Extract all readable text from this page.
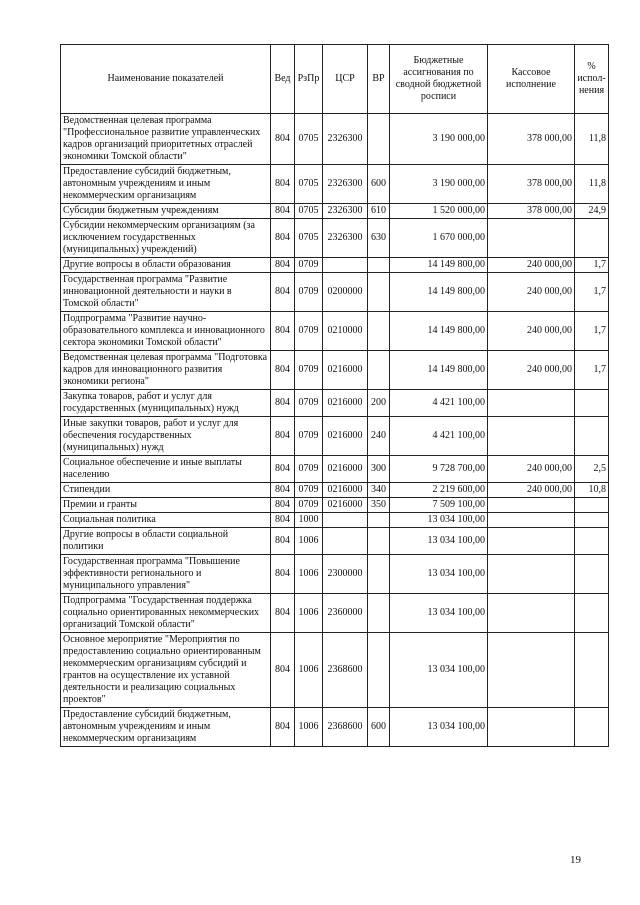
Наименование показателей	Вед	РзПр	ЦСР	ВР	Бюджетные ассигнования по сводной бюджетной росписи	Кассовое исполнение	% испол-нения
Ведомственная целевая программа "Профессиональное развитие управленческих кадров организаций приоритетных отраслей экономики Томской области"	804	0705	2326300		3 190 000,00	378 000,00	11,8
Предоставление субсидий бюджетным, автономным учреждениям и иным некоммерческим организациям	804	0705	2326300	600	3 190 000,00	378 000,00	11,8
Субсидии бюджетным учреждениям	804	0705	2326300	610	1 520 000,00	378 000,00	24,9
Субсидии некоммерческим организациям (за исключением государственных (муниципальных) учреждений)	804	0705	2326300	630	1 670 000,00		
Другие вопросы в области образования	804	0709			14 149 800,00	240 000,00	1,7
Государственная программа "Развитие инновационной деятельности и науки в Томской области"	804	0709	0200000		14 149 800,00	240 000,00	1,7
Подпрограмма "Развитие научно-образовательного комплекса и инновационного сектора экономики Томской области"	804	0709	0210000		14 149 800,00	240 000,00	1,7
Ведомственная целевая программа "Подготовка кадров для инновационного развития экономики региона"	804	0709	0216000		14 149 800,00	240 000,00	1,7
Закупка товаров, работ и услуг для государственных (муниципальных) нужд	804	0709	0216000	200	4 421 100,00		
Иные закупки товаров, работ и услуг для обеспечения государственных (муниципальных) нужд	804	0709	0216000	240	4 421 100,00		
Социальное обеспечение и иные выплаты населению	804	0709	0216000	300	9 728 700,00	240 000,00	2,5
Стипендии	804	0709	0216000	340	2 219 600,00	240 000,00	10,8
Премии и гранты	804	0709	0216000	350	7 509 100,00		
Социальная политика	804	1000			13 034 100,00		
Другие вопросы в области социальной политики	804	1006			13 034 100,00		
Государственная программа "Повышение эффективности регионального и муниципального управления"	804	1006	2300000		13 034 100,00		
Подпрограмма "Государственная поддержка социально ориентированных некоммерческих организаций Томской области"	804	1006	2360000		13 034 100,00		
Основное мероприятие "Мероприятия по предоставлению социально ориентированным некоммерческим организациям субсидий и грантов на осуществление их уставной деятельности и реализацию социальных проектов"	804	1006	2368600		13 034 100,00		
Предоставление субсидий бюджетным, автономным учреждениям и иным некоммерческим организациям	804	1006	2368600	600	13 034 100,00		
19
